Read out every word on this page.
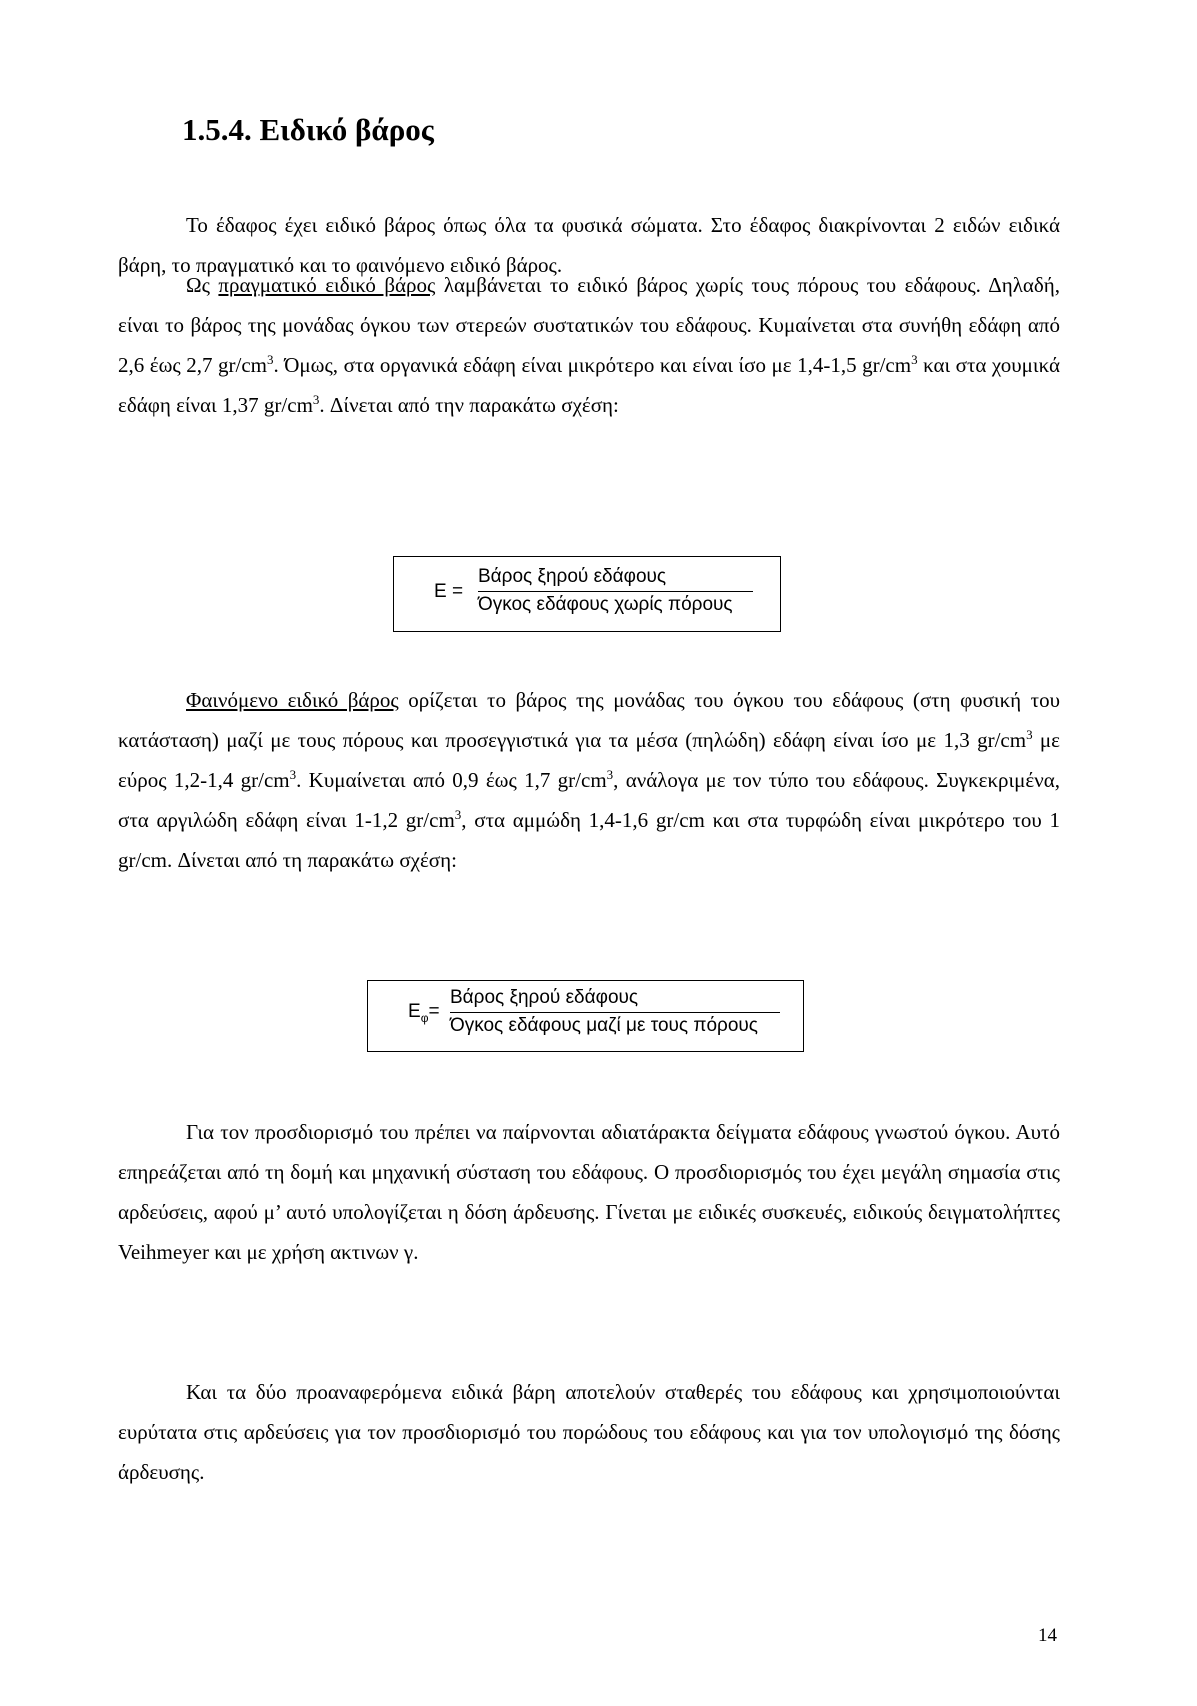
1.5.4. Ειδικό βάρος

Το έδαφος έχει ειδικό βάρος όπως όλα τα φυσικά σώματα. Στο έδαφος διακρίνονται 2 ειδών ειδικά βάρη, το πραγματικό και το φαινόμενο ειδικό βάρος.

Ως πραγματικό ειδικό βάρος λαμβάνεται το ειδικό βάρος χωρίς τους πόρους του εδάφους. Δηλαδή, είναι το βάρος της μονάδας όγκου των στερεών συστατικών του εδάφους. Κυμαίνεται στα συνήθη εδάφη από 2,6 έως 2,7 $gr/cm^3$. Όμως, στα οργανικά εδάφη είναι μικρότερο και είναι ίσο με 1,4-1,5 $gr/cm^3$ και στα χουμικά εδάφη είναι 1,37 $gr/cm^3$. Δίνεται από την παρακάτω σχέση:

E =
Βάρος ξηρού εδάφους
Όγκος εδάφους χωρίς πόρους

Φαινόμενο ειδικό βάρος ορίζεται το βάρος της μονάδας του όγκου του εδάφους (στη φυσική του κατάσταση) μαζί με τους πόρους και προσεγγιστικά για τα μέσα (πηλώδη) εδάφη είναι ίσο με 1,3 $gr/cm^3$ με εύρος 1,2-1,4 $gr/cm^3$. Κυμαίνεται από 0,9 έως 1,7 $gr/cm^3$, ανάλογα με τον τύπο του εδάφους. Συγκεκριμένα, στα αργιλώδη εδάφη είναι 1-1,2 $gr/cm^3$, στα αμμώδη 1,4-1,6 gr/cm και στα τυρφώδη είναι μικρότερο του 1 gr/cm. Δίνεται από τη παρακάτω σχέση:

$E_\varphi=$
Βάρος ξηρού εδάφους
Όγκος εδάφους μαζί με τους πόρους

Για τον προσδιορισμό του πρέπει να παίρνονται αδιατάρακτα δείγματα εδάφους γνωστού όγκου. Αυτό επηρεάζεται από τη δομή και μηχανική σύσταση του εδάφους. Ο προσδιορισμός του έχει μεγάλη σημασία στις αρδεύσεις, αφού μ’ αυτό υπολογίζεται η δόση άρδευσης. Γίνεται με ειδικές συσκευές, ειδικούς δειγματολήπτες Veihmeyer και με χρήση ακτινων γ.

Και τα δύο προαναφερόμενα ειδικά βάρη αποτελούν σταθερές του εδάφους και χρησιμοποιούνται ευρύτατα στις αρδεύσεις για τον προσδιορισμό του πορώδους του εδάφους και για τον υπολογισμό της δόσης άρδευσης.

14
